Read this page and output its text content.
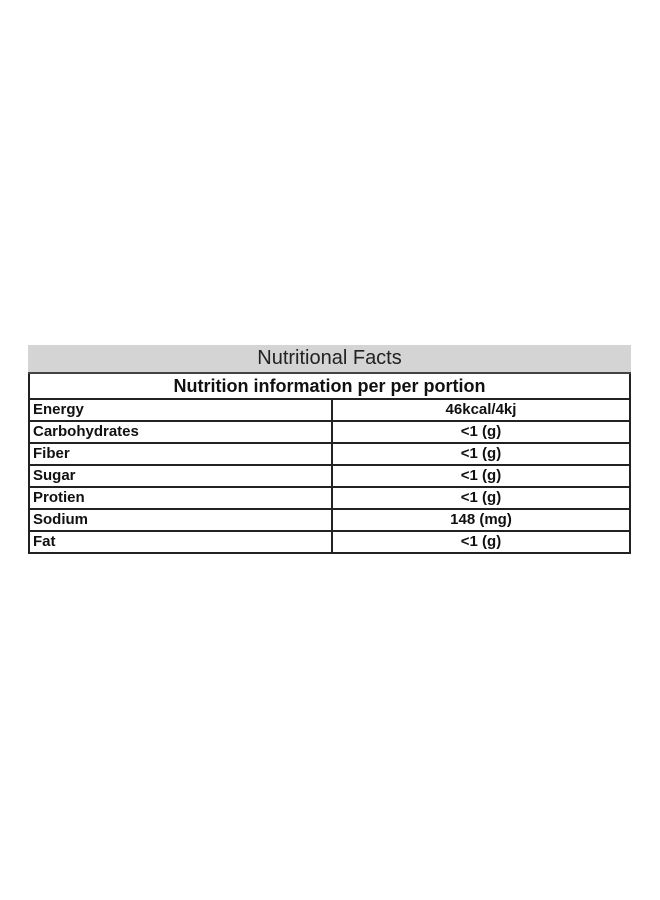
Nutritional Facts
Nutrition information per per portion
Energy	46kcal/4kj
Carbohydrates	<1 (g)
Fiber	<1 (g)
Sugar	<1 (g)
Protien	<1 (g)
Sodium	148 (mg)
Fat	<1 (g)
